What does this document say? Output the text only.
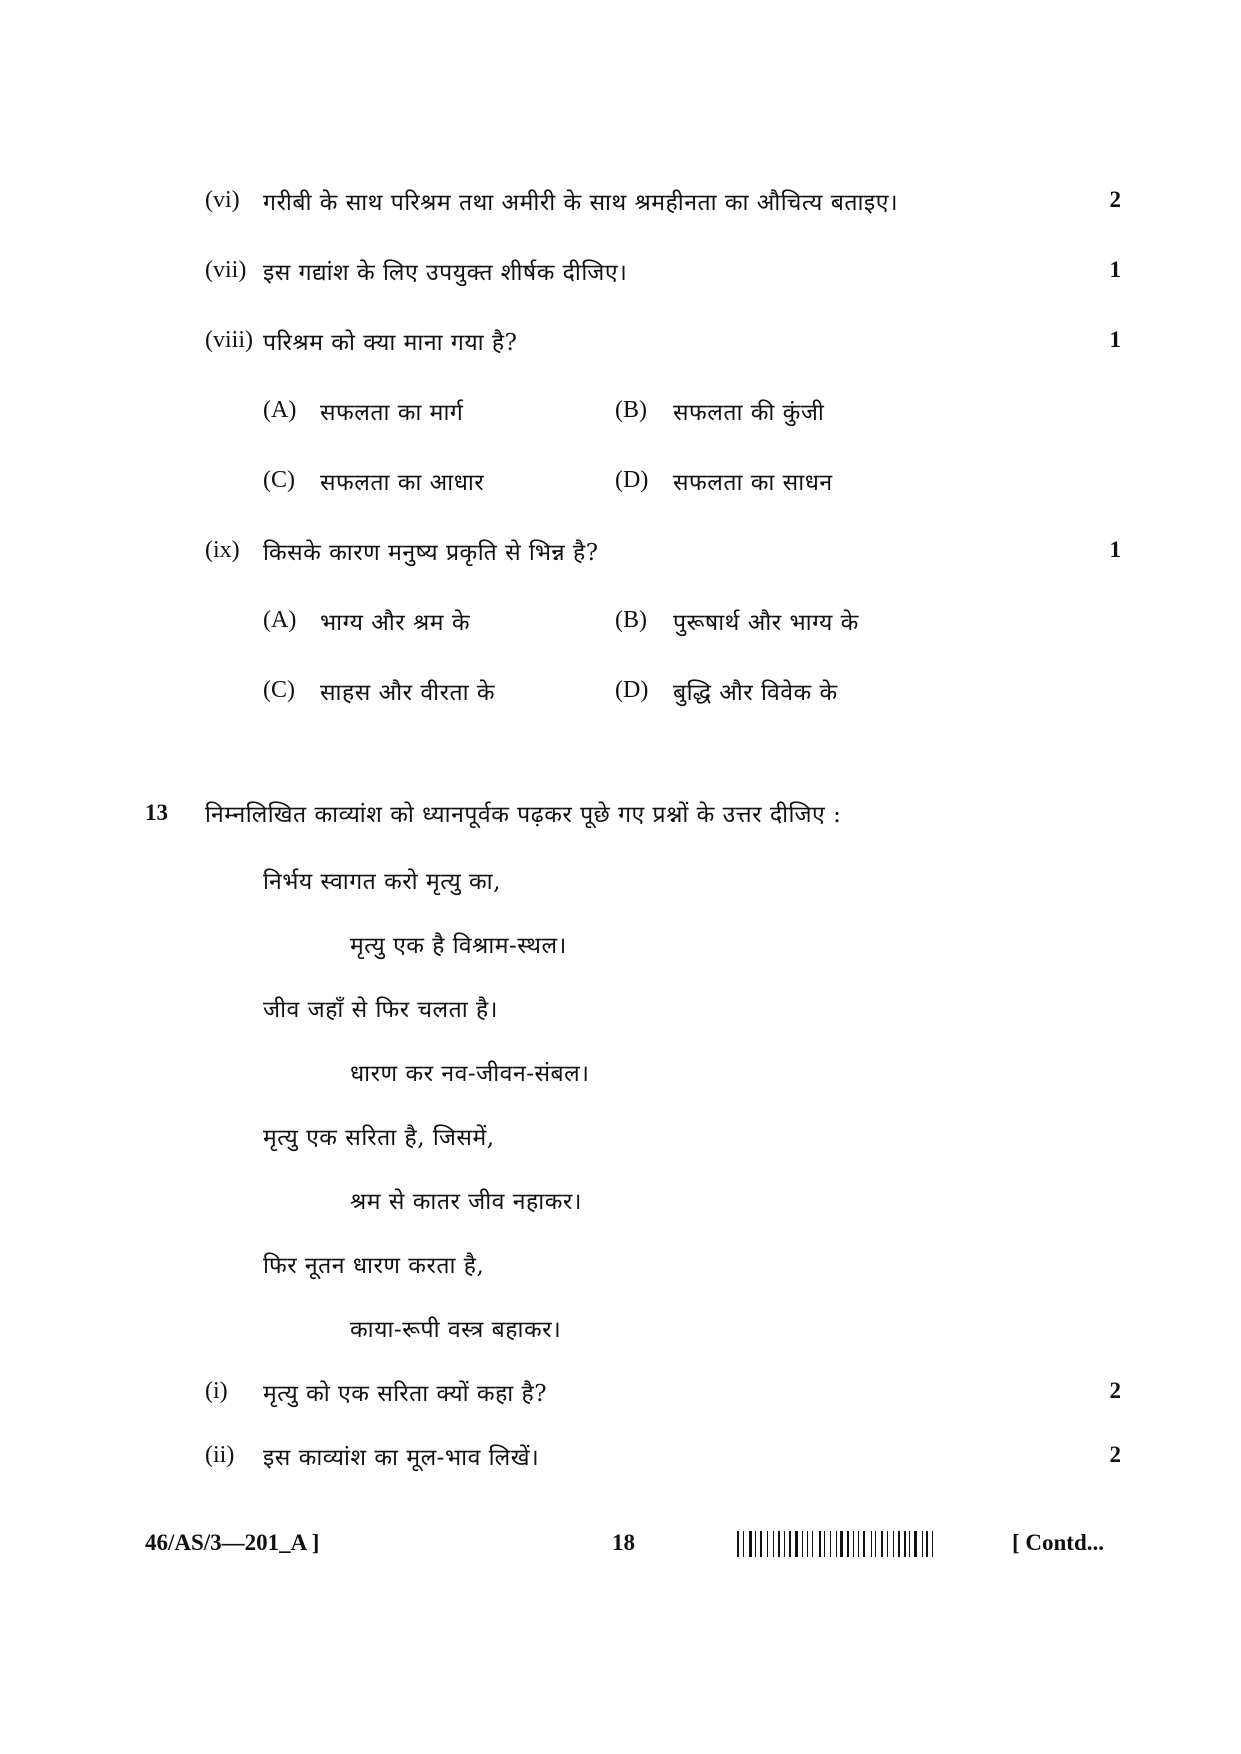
(vi) गरीबी के साथ परिश्रम तथा अमीरी के साथ श्रमहीनता का औचित्य बताइए।	2
(vii) इस गद्यांश के लिए उपयुक्त शीर्षक दीजिए।	1
(viii) परिश्रम को क्या माना गया है?	1
(A) सफलता का मार्ग	(B) सफलता की कुंजी
(C) सफलता का आधार	(D) सफलता का साधन
(ix) किसके कारण मनुष्य प्रकृति से भिन्न है?	1
(A) भाग्य और श्रम के	(B) पुरूषार्थ और भाग्य के
(C) साहस और वीरता के	(D) बुद्धि और विवेक के
13 निम्नलिखित काव्यांश को ध्यानपूर्वक पढ़कर पूछे गए प्रश्नों के उत्तर दीजिए :
निर्भय स्वागत करो मृत्यु का,
मृत्यु एक है विश्राम-स्थल।
जीव जहाँ से फिर चलता है।
धारण कर नव-जीवन-संबल।
मृत्यु एक सरिता है, जिसमें,
श्रम से कातर जीव नहाकर।
फिर नूतन धारण करता है,
काया-रूपी वस्त्र बहाकर।
(i) मृत्यु को एक सरिता क्यों कहा है?	2
(ii) इस काव्यांश का मूल-भाव लिखें।	2
46/AS/3—201_A ]	18	[ Contd...
